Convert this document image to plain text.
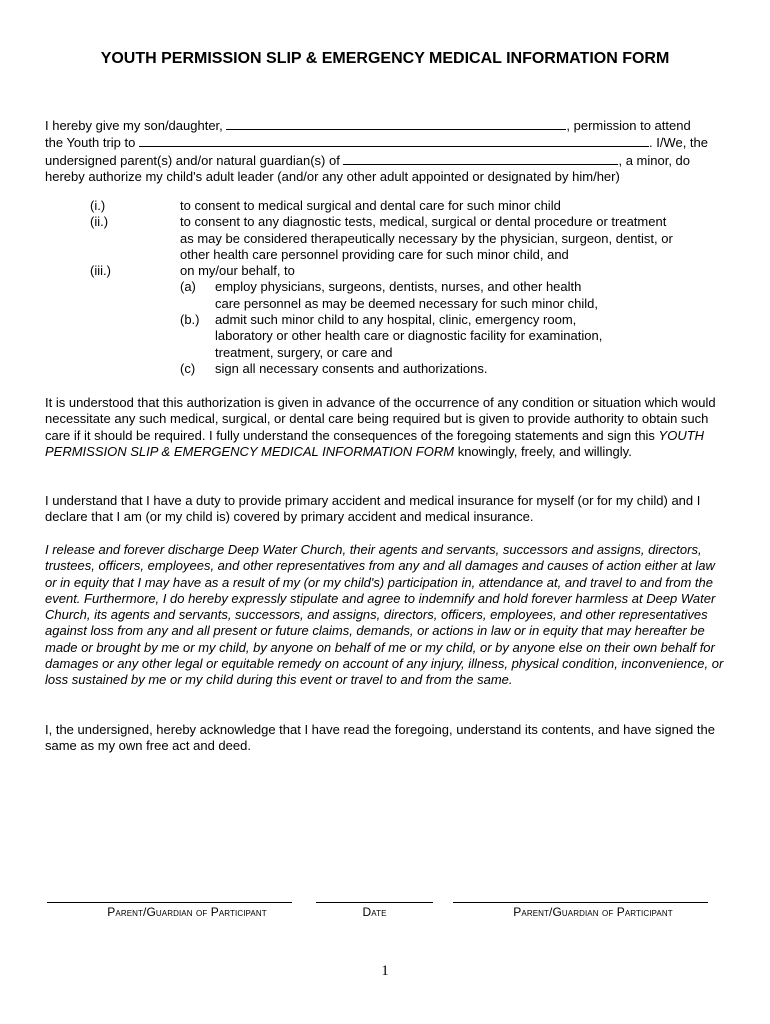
YOUTH PERMISSION SLIP & EMERGENCY MEDICAL INFORMATION FORM
I hereby give my son/daughter,	, permission to attend
the Youth trip to	. I/We, the
undersigned parent(s) and/or natural guardian(s) of	, a minor, do
hereby authorize my child's adult leader (and/or any other adult appointed or designated by him/her)
(i.)	to consent to medical surgical and dental care for such minor child
(ii.)	to consent to any diagnostic tests, medical, surgical or dental procedure or treatment
as may be considered therapeutically necessary by the physician, surgeon, dentist, or
other health care personnel providing care for such minor child, and
(iii.)	on my/our behalf, to
(a) employ physicians, surgeons, dentists, nurses, and other health
care personnel as may be deemed necessary for such minor child,
(b.) admit such minor child to any hospital, clinic, emergency room,
laboratory or other health care or diagnostic facility for examination,
treatment, surgery, or care and
(c) sign all necessary consents and authorizations.

It is understood that this authorization is given in advance of the occurrence of any condition or situation which would necessitate any such medical, surgical, or dental care being required but is given to provide authority to obtain such care if it should be required. I fully understand the consequences of the foregoing statements and sign this YOUTH PERMISSION SLIP & EMERGENCY MEDICAL INFORMATION FORM knowingly, freely, and willingly.

I understand that I have a duty to provide primary accident and medical insurance for myself (or for my child) and I declare that I am (or my child is) covered by primary accident and medical insurance.

I release and forever discharge Deep Water Church, their agents and servants, successors and assigns, directors, trustees, officers, employees, and other representatives from any and all damages and causes of action either at law or in equity that I may have as a result of my (or my child's) participation in, attendance at, and travel to and from the event. Furthermore, I do hereby expressly stipulate and agree to indemnify and hold forever harmless at Deep Water Church, its agents and servants, successors, and assigns, directors, officers, employees, and other representatives against loss from any and all present or future claims, demands, or actions in law or in equity that may hereafter be made or brought by me or my child, by anyone on behalf of me or my child, or by anyone else on their own behalf for damages or any other legal or equitable remedy on account of any injury, illness, physical condition, inconvenience, or loss sustained by me or my child during this event or travel to and from the same.

I, the undersigned, hereby acknowledge that I have read the foregoing, understand its contents, and have signed the same as my own free act and deed.

Parent/Guardian of Participant	Date	Parent/Guardian of Participant
1
